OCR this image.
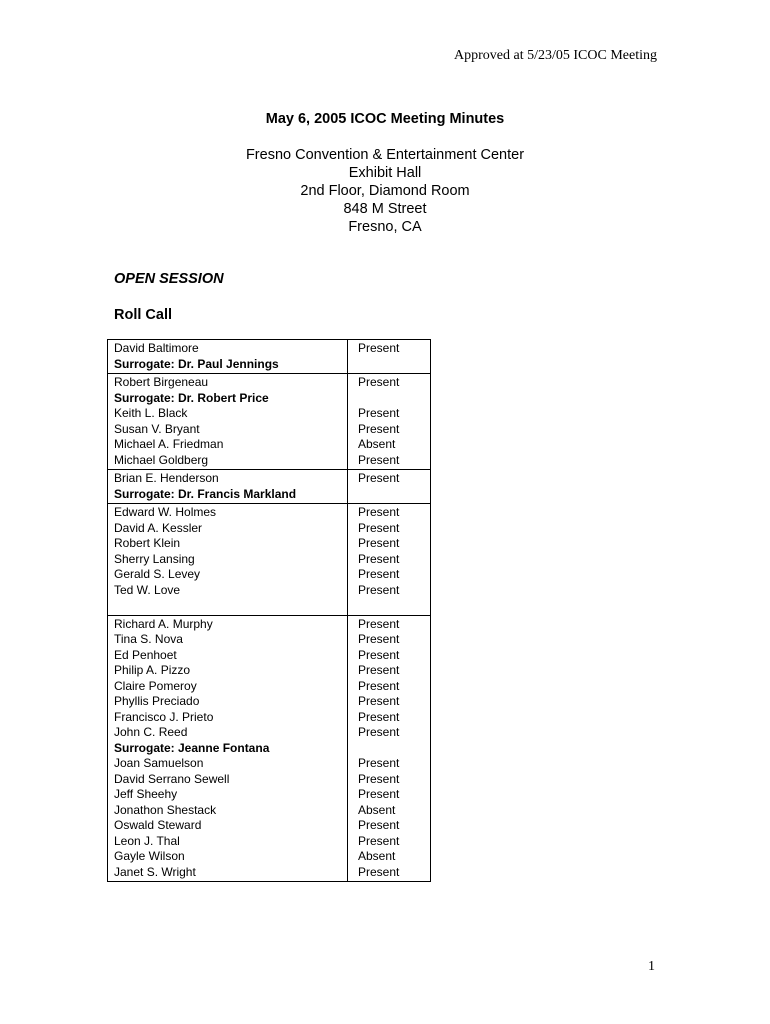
Approved at 5/23/05 ICOC Meeting
May 6, 2005 ICOC Meeting Minutes
Fresno Convention & Entertainment Center
Exhibit Hall
2nd Floor, Diamond Room
848 M Street
Fresno, CA
OPEN SESSION
Roll Call
David Baltimore
Surrogate: Dr. Paul Jennings
Present
Robert Birgeneau
Surrogate: Dr. Robert Price
Keith L. Black
Susan V. Bryant
Michael A. Friedman
Michael Goldberg
Present
Present
Present
Absent
Present
Brian E. Henderson
Surrogate: Dr. Francis Markland
Present
Edward W. Holmes
David A. Kessler
Robert Klein
Sherry Lansing
Gerald S. Levey
Ted W. Love
Present
Present
Present
Present
Present
Present
Richard A. Murphy
Tina S. Nova
Ed Penhoet
Philip A. Pizzo
Claire Pomeroy
Phyllis Preciado
Francisco J. Prieto
John C. Reed
Surrogate: Jeanne Fontana
Joan Samuelson
David Serrano Sewell
Jeff Sheehy
Jonathon Shestack
Oswald Steward
Leon J. Thal
Gayle Wilson
Janet S. Wright
Present
Present
Present
Present
Present
Present
Present
Present
Present
Present
Present
Absent
Present
Present
Absent
Present
1
